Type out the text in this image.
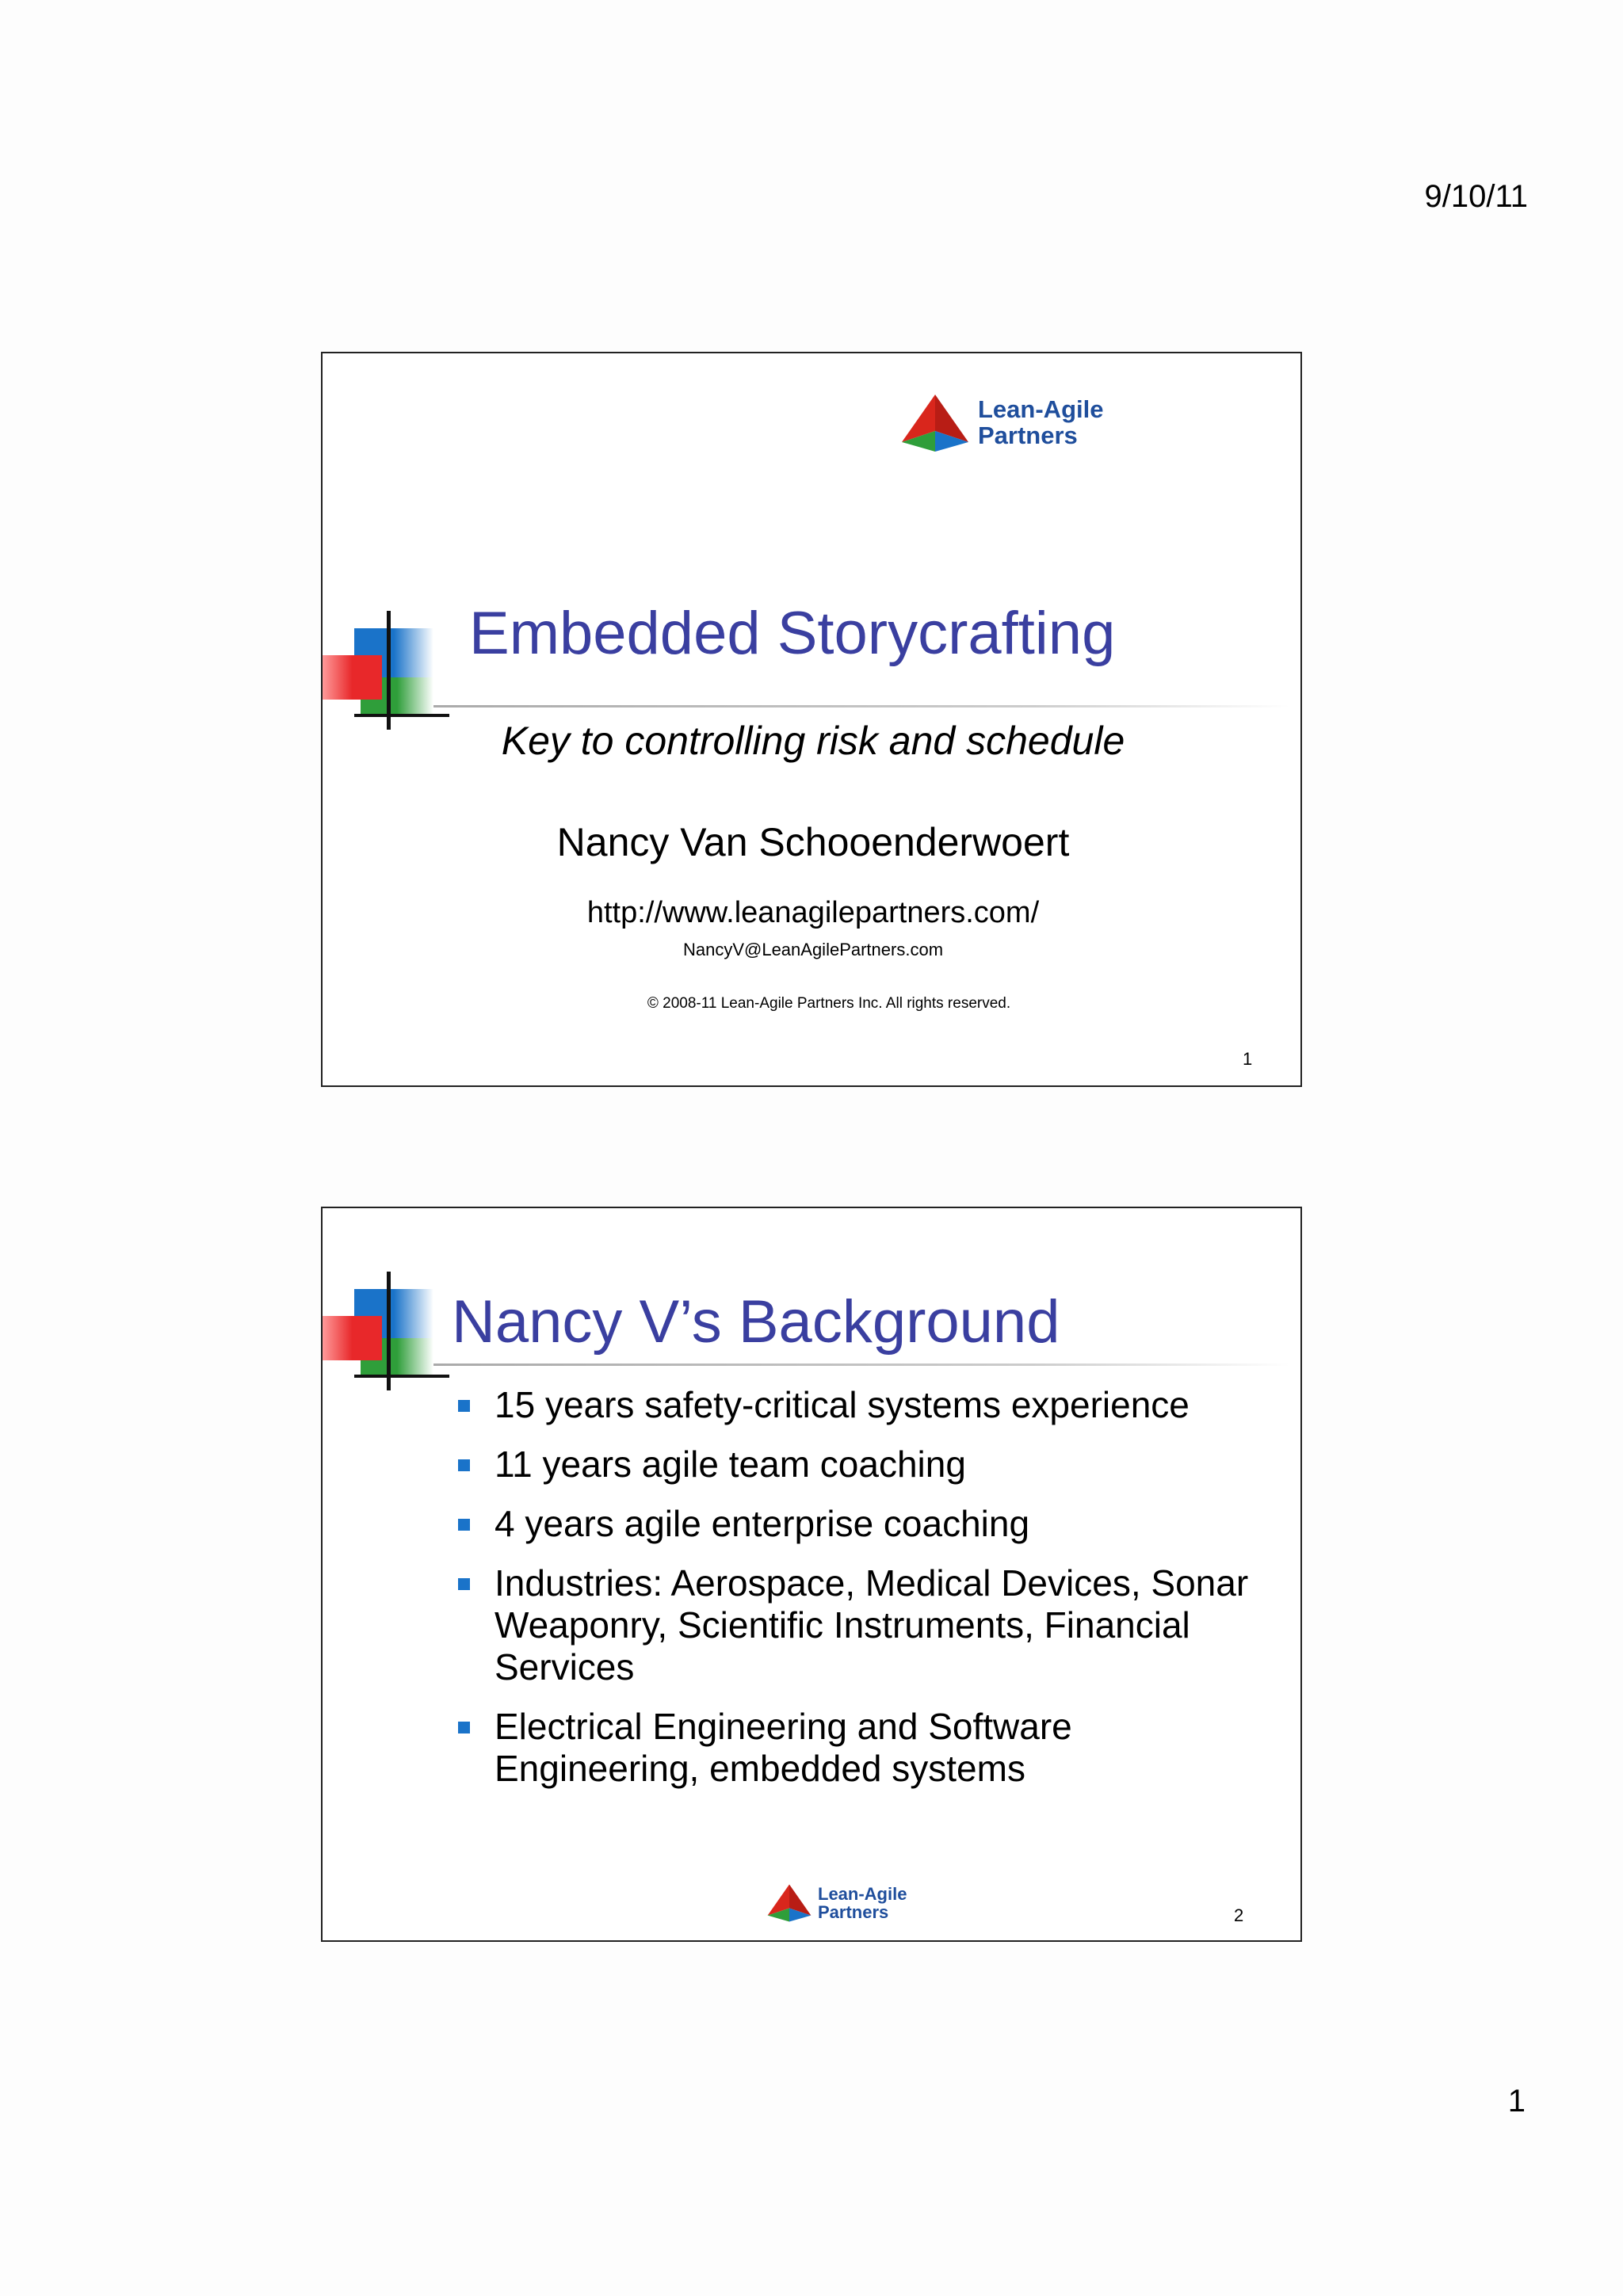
9/10/11
Lean-Agile
Partners
Embedded Storycrafting
Key to controlling risk and schedule
Nancy Van Schooenderwoert
http://www.leanagilepartners.com/
NancyV@LeanAgilePartners.com
© 2008-11 Lean-Agile Partners Inc. All rights reserved.
1
Nancy V’s Background
15 years safety-critical systems experience
11 years agile team coaching
4 years agile enterprise coaching
Industries: Aerospace, Medical Devices, Sonar Weaponry, Scientific Instruments, Financial Services
Electrical Engineering and Software Engineering, embedded systems
Lean-Agile
Partners	2
1
